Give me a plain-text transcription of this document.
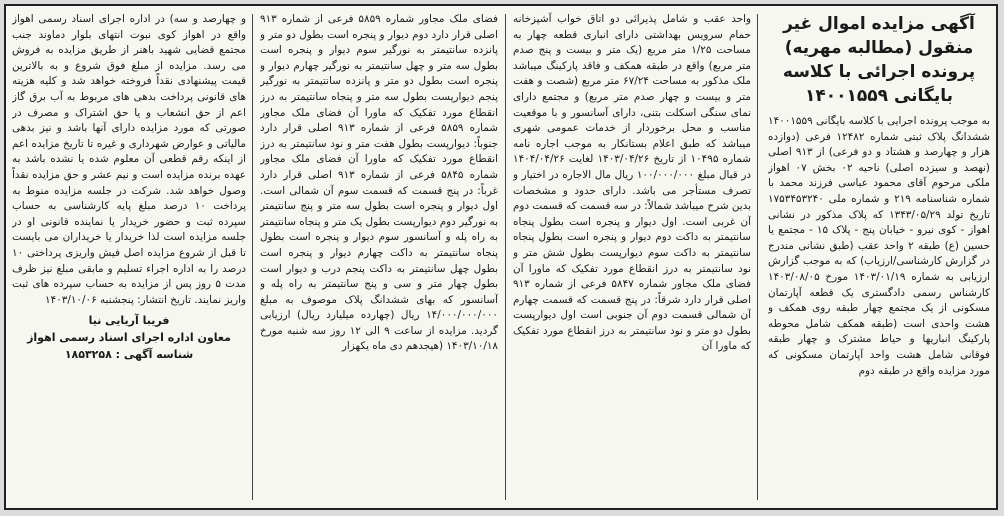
آگهی مزایده اموال غیر منقول (مطالبه مهریه) پرونده اجرائی با کلاسه بایگانی ۱۴۰۰۱۵۵۹

به موجب پرونده اجرایی با کلاسه بایگانی ۱۴۰۰۱۵۵۹ ششدانگ پلاک ثبتی شماره ۱۲۴۸۲ فرعی (دوازده هزار و چهارصد و هشتاد و دو فرعی) از ۹۱۳ اصلی (نهصد و سیزده اصلی) ناحیه ۰۲ بخش ۰۷ اهواز ملکی مرحوم آقای محمود عباسی فرزند محمد با شماره شناسنامه ۲۱۹ و شماره ملی ۱۷۵۳۴۵۳۲۴۰ تاریخ تولد ۱۳۴۳/۰۵/۲۹ که پلاک مذکور در نشانی اهواز - کوی نیرو - خیابان پنج - پلاک ۱۵ - مجتمع یا حسین (ع) طبقه ۲ واحد عقب (طبق نشانی مندرج در گزارش کارشناسی/ارزیاب) که به موجب گزارش ارزیابی به شماره ۱۴۰۳/۰۱/۱۹ مورخ ۱۴۰۳/۰۸/۰۵ کارشناس رسمی دادگستری یک قطعه آپارتمان مسکونی از یک مجتمع چهار طبقه روی همکف و هشت واحدی است (طبقه همکف شامل محوطه پارکینگ انباریها و حیاط مشترک و چهار طبقه فوقانی شامل هشت واحد آپارتمان مسکونی که مورد مزایده واقع در طبقه دوم

واحد عقب و شامل پذیرائی دو اتاق خواب آشپزخانه حمام سرویس بهداشتی دارای انباری قطعه چهار به مساحت ۱/۲۵ متر مربع (یک متر و بیست و پنج صدم متر مربع) واقع در طبقه همکف و فاقد پارکینگ میباشد ملک مذکور به مساحت ۶۷/۲۴ متر مربع (شصت و هفت متر و بیست و چهار صدم متر مربع) و مجتمع دارای نمای سنگی اسکلت بتنی، دارای آسانسور و با موقعیت مناسب و محل برخوردار از خدمات عمومی شهری میباشد که طبق اعلام بستانکار به موجب اجاره نامه شماره ۱۰۴۹۵ از تاریخ ۱۴۰۳/۰۴/۲۶ لغایت ۱۴۰۴/۰۴/۲۶ در قبال مبلغ ۱۰۰/۰۰۰/۰۰۰ ریال مال الاجاره در اختیار و تصرف مستأجر می باشد. دارای حدود و مشخصات بدین شرح میباشد شمالاً: در سه قسمت که قسمت دوم آن غربی است. اول دیوار و پنجره است بطول پنجاه سانتیمتر به داکت دوم دیوار و پنجره است بطول پنجاه سانتیمتر به داکت سوم دیوارپست بطول شش متر و نود سانتیمتر به درز انقطاع مورد تفکیک که ماورا آن فضای ملک مجاور شماره ۵۸۴۷ فرعی از شماره ۹۱۳ اصلی قرار دارد شرقاً: در پنج قسمت که قسمت چهارم آن شمالی قسمت دوم آن جنوبی است اول دیوارپست بطول دو متر و نود سانتیمتر به درز انقطاع مورد تفکیک که ماورا آن

فضای ملک مجاور شماره ۵۸۵۹ فرعی از شماره ۹۱۳ اصلی قرار دارد دوم دیوار و پنجره است بطول دو متر و پانزده سانتیمتر به نورگیر سوم دیوار و پنجره است بطول سه متر و چهل سانتیمتر به نورگیر چهارم دیوار و پنجره است بطول دو متر و پانزده سانتیمتر به نورگیر پنجم دیوارپست بطول سه متر و پنجاه سانتیمتر به درز انقطاع مورد تفکیک که ماورا آن فضای ملک مجاور شماره ۵۸۵۹ فرعی از شماره ۹۱۳ اصلی قرار دارد جنوباً: دیوارپست بطول هفت متر و نود سانتیمتر به درز انقطاع مورد تفکیک که ماورا آن فضای ملک مجاور شماره ۵۸۴۵ فرعی از شماره ۹۱۳ اصلی قرار دارد غرباً: در پنج قسمت که قسمت سوم آن شمالی است. اول دیوار و پنجره است بطول سه متر و پنج سانتیمتر به نورگیر دوم دیوارپست بطول یک متر و پنجاه سانتیمتر به راه پله و آسانسور سوم دیوار و پنجره است بطول پنجاه سانتیمتر به داکت چهارم دیوار و پنجره است بطول چهل سانتیمتر به داکت پنجم درب و دیوار است بطول چهار متر و سی و پنج سانتیمتر به راه پله و آسانسور که بهای ششدانگ پلاک موصوف به مبلغ ۱۴/۰۰۰/۰۰۰/۰۰۰ ریال (چهارده میلیارد ریال) ارزیابی گردید. مزایده از ساعت ۹ الی ۱۲ روز سه شنبه مورخ ۱۴۰۳/۱۰/۱۸ (هیجدهم دی ماه یکهزار

و چهارصد و سه) در اداره اجرای اسناد رسمی اهواز واقع در اهواز کوی نبوت انتهای بلوار دماوند جنب مجتمع قضایی شهید باهنر از طریق مزایده به فروش می رسد. مزایده از مبلغ فوق شروع و به بالاترین قیمت پیشنهادی نقداً فروخته خواهد شد و کلیه هزینه های قانونی پرداخت بدهی های مربوط به آب برق گاز اعم از حق انشعاب و یا حق اشتراک و مصرف در صورتی که مورد مزایده دارای آنها باشد و نیز بدهی مالیاتی و عوارض شهرداری و غیره تا تاریخ مزایده اعم از اینکه رقم قطعی آن معلوم شده یا نشده باشد به عهده برنده مزایده است و نیم عشر و حق مزایده نقداً وصول خواهد شد. شرکت در جلسه مزایده منوط به پرداخت ۱۰ درصد مبلغ پایه کارشناسی به حساب سپرده ثبت و حضور خریدار یا نماینده قانونی او در جلسه مزایده است لذا خریدار یا خریداران می بایست تا قبل از شروع مزایده اصل فیش واریزی پرداختی ۱۰ درصد را به اداره اجراء تسلیم و مابقی مبلغ نیز ظرف مدت ۵ روز پس از مزایده به حساب سپرده های ثبت واریز نمایند. تاریخ انتشار: پنجشنبه ۱۴۰۳/۱۰/۰۶

فریبا آریایی نیا
معاون اداره اجرای اسناد رسمی اهواز
شناسه آگهی : ۱۸۵۳۲۵۸
